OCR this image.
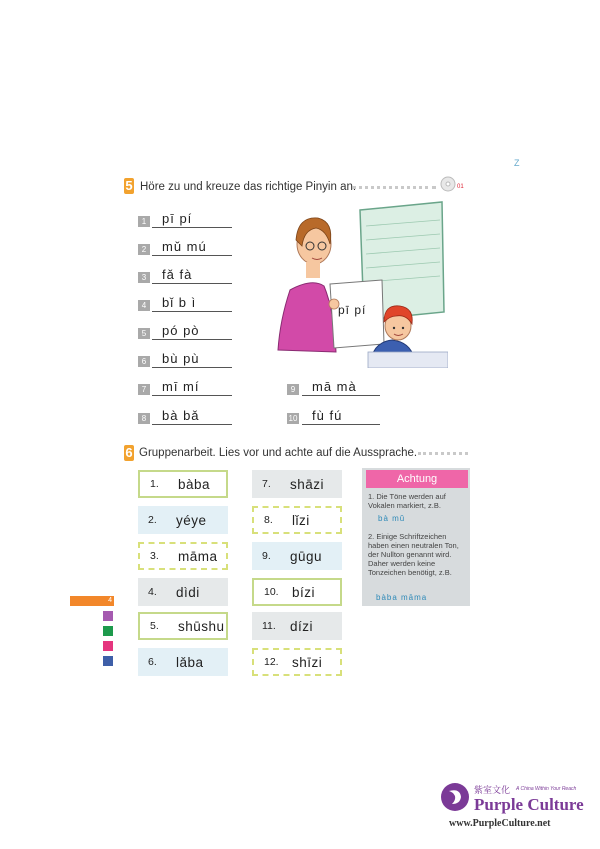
Z
5 Höre zu und kreuze das richtige Pinyin an.	01
1 pī pí
2 mǔ mú
3 fǎ fà
4 bǐ b ì
5 pó pò
6 bù pù
7 mī mí
8 bà bǎ
9 mā mà
10 fù fú
pī pí
6 Gruppenarbeit. Lies vor und achte auf die Aussprache.
1.	bàba
2.	yéye
3.	māma
4.	dìdi
5.	shūshu
6.	lǎba
7.	shāzi
8.	lǐzi
9.	gūgu
10. bízi
11.	dízi
12. shīzi
Achtung
1. Die Töne werden auf Vokalen markiert, z.B.
bà mǔ
2. Einige Schriftzeichen haben einen neutralen Ton, der Nullton genannt wird. Daher werden keine Tonzeichen benötigt, z.B.
bàba māma
4
紫室文化 A China Within Your Reach
Purple Culture
www.PurpleCulture.net
